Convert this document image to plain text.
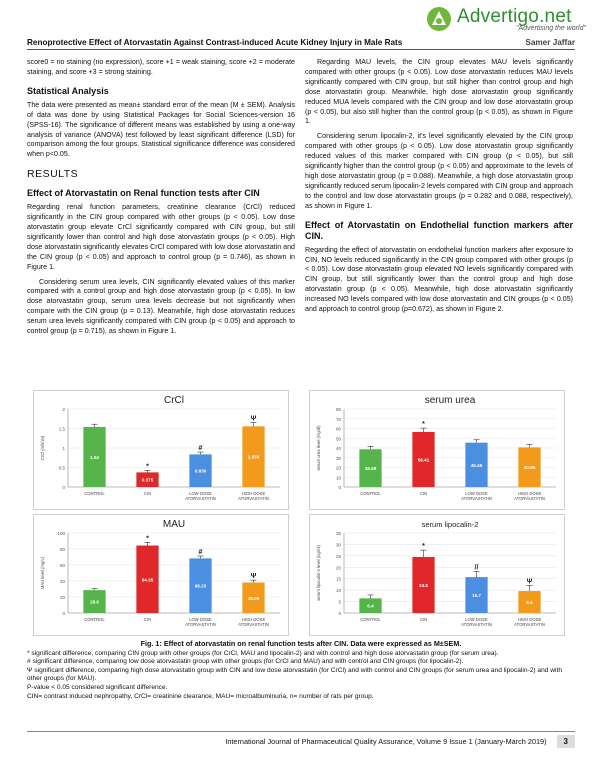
Renoprotective Effect of Atorvastatin Against Contrast-induced Acute Kidney Injury in Male Rats	Samer Jaffar
Advertigo.net
"Advertising the world"

score0 = no staining (no expression), score +1 = weak staining, score +2 = moderate staining, and score +3 = strong staining.

Statistical Analysis

The data were presented as mean± standard error of the mean (M ± SEM). Analysis of data was done by using Statistical Packages for Social Sciences-version 16 (SPSS-16). The significance of different means was established by using a one-way analysis of variance (ANOVA) test followed by least significant difference (LSD) for comparison among the four groups. Statistical significance difference was considered when p<0.05.

RESULTS
Effect of Atorvastatin on Renal function tests after CIN

Regarding renal function parameters, creatinine clearance (CrCl) reduced significantly in the CIN group compared with other groups (p < 0.05). Low dose atorvastatin group elevate CrCl significantly compared with CIN group, but still significantly lower than control and high dose atorvastatin groups (p < 0.05). High dose atorvastatin significantly elevates CrCl compared with low dose atorvastatin and the CIN group (p < 0.05) and approach to control group (p = 0.746), as shown in Figure 1.

Considering serum urea levels, CIN significantly elevated values of this marker compared with a control group and high dose atorvastatin group (p < 0.05). In low dose atorvastatin group, serum urea levels decrease but not significantly when compare with the CIN group (p = 0.13). Meanwhile, high dose atorvastatin reduces serum urea levels significantly compared with CIN group (p < 0.05) and approach to control group (p = 0.715), as shown in Figure 1.

Regarding MAU levels, the CIN group elevates MAU levels significantly compared with other groups (p < 0.05). Low dose atorvastatin reduces MAU levels significantly compared with CIN group, but still higher than control group and high dose atorvastatin group. Meanwhile, high dose atorvastatin group significantly reduced MUA levels compared with the CIN group and low dose atorvastatin group (p < 0.05), but also still higher than the control group (p < 0.05), as shown in Figure 1.

Considering serum lipocalin-2, it's level significantly elevated by the CIN group compared with other groups (p < 0.05). Low dose atorvastatin group significantly reduced values of this marker compared with CIN group (p < 0.05), but still significantly higher than the control group (p < 0.05) and approximate to the levels of high dose atorvastatin group (p = 0.088). Meanwhile, a high dose atorvastatin group significantly reduced serum lipocalin-2 levels compared with CIN group and approach to the control and low dose atorvastatin groups (p = 0.282 and 0.088, respectively), as shown in Figure 1.

Effect of Atorvastatin on Endothelial function markers after CIN.

Regarding the effect of atorvastatin on endothelial function markers after exposure to CIN, NO levels reduced significantly in the CIN group compared with other groups (p < 0.05). Low dose atorvastatin group elevated NO levels significantly compared with CIN group, but still significantly lower than the control group and high dose atorvastatin group (p < 0.05). Meanwhile, high dose atorvastatin significantly increased NO levels compared with low dose atorvastatin and CIN groups (p < 0.05) and approach to control group (p=0.672), as shown in Figure 2.

CrCl
0
0.5
1
1.5
2
CrCl (ml/min)	1.54
CONTROL
0.375
*
CIN
0.836
#
LOW DOSE
ATORVASTATIN
1.556
Ψ
HIGH DOSE
ATORVASTATIN
serum urea
0
10
20
30
40
50
60
70
80
serum urea level (mg/dl)	38.68
CONTROL
56.41
*
CIN
45.45
LOW DOSE
ATORVASTATIN
40.66
HIGH DOSE
ATORVASTATIN
MAU
0
20
40
60
80
100
MAU level (mg/L)
28.6
CONTROL
84.35
*
CIN
68.25
#
LOW DOSE
ATORVASTATIN
38.09
Ψ
HIGH DOSE
ATORVASTATIN
serum lipocalin-2
0
5
10
15
20
25
30
35
serum lipocalin-2 level (ng/ml)
6.4
CONTROL
24.5
*
CIN
15.7
//
LOW DOSE
ATORVASTATIN
9.6
Ψ
HIGH DOSE
ATORVASTATIN

Fig. 1: Effect of atorvastatin on renal function tests after CIN. Data were expressed as M±SEM.

* significant difference, comparing CIN group with other groups (for CrCl, MAU and lipocalin-2) and with control and high dose atorvastatin group (for serum urea).

# significant difference, comparing low dose atorvastatin group with other groups (for CrCl and MAU) and with control and CIN groups (for lipocalin-2).

Ψ significant difference, comparing high dose atorvastatin group with CIN and low dose atorvastatin (for CrCl) and with control and CIN groups (for serum urea and lipocalin-2) and with other groups (for MAU).

P-value < 0.05 considered significant difference.

CIN= contrast induced nephropathy, CrCl= creatinine clearance, MAU= microalbuminuria, n= number of rats per group.

International Journal of Pharmaceutical Quality Assurance, Volume 9 Issue 1 (January-March 2019)	3
